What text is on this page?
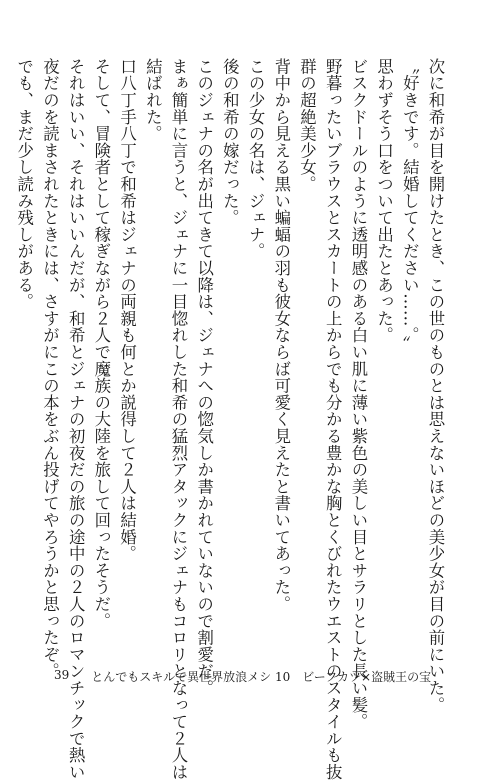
次に和希が目を開けたとき、この世のものとは思えないほどの美少女が目の前にいた。
〝好きです。結婚してください……。〟
思わずそう口をついて出たとあった。
ビスクドールのように透明感のある白い肌に薄い紫色の美しい目とサラリとした長い髪。
野暮ったいブラウスとスカートの上からでも分かる豊かな胸とくびれたウエストのスタイルも抜
群の超絶美少女。
背中から見える黒い蝙蝠の羽も彼女ならば可愛く見えたと書いてあった。
この少女の名は、ジェナ。
後の和希の嫁だった。
このジェナの名が出てきて以降は、ジェナへの惚気しか書かれていないので割愛だ。
まぁ簡単に言うと、ジェナに一目惚れした和希の猛烈アタックにジェナもコロリとなって２人は
結ばれた。
口八丁手八丁で和希はジェナの両親も何とか説得して２人は結婚。
そして、冒険者として稼ぎながら２人で魔族の大陸を旅して回ったそうだ。
それはいい、それはいいんだが、和希とジェナの初夜だの旅の途中の２人のロマンチックで熱い
夜だのを読まされたときには、さすがにこの本をぶん投げてやろうかと思ったぞ。
でも、まだ少し読み残しがある。
39 とんでもスキルで異世界放浪メシ 10　ビーフカツ×盗賊王の宝
